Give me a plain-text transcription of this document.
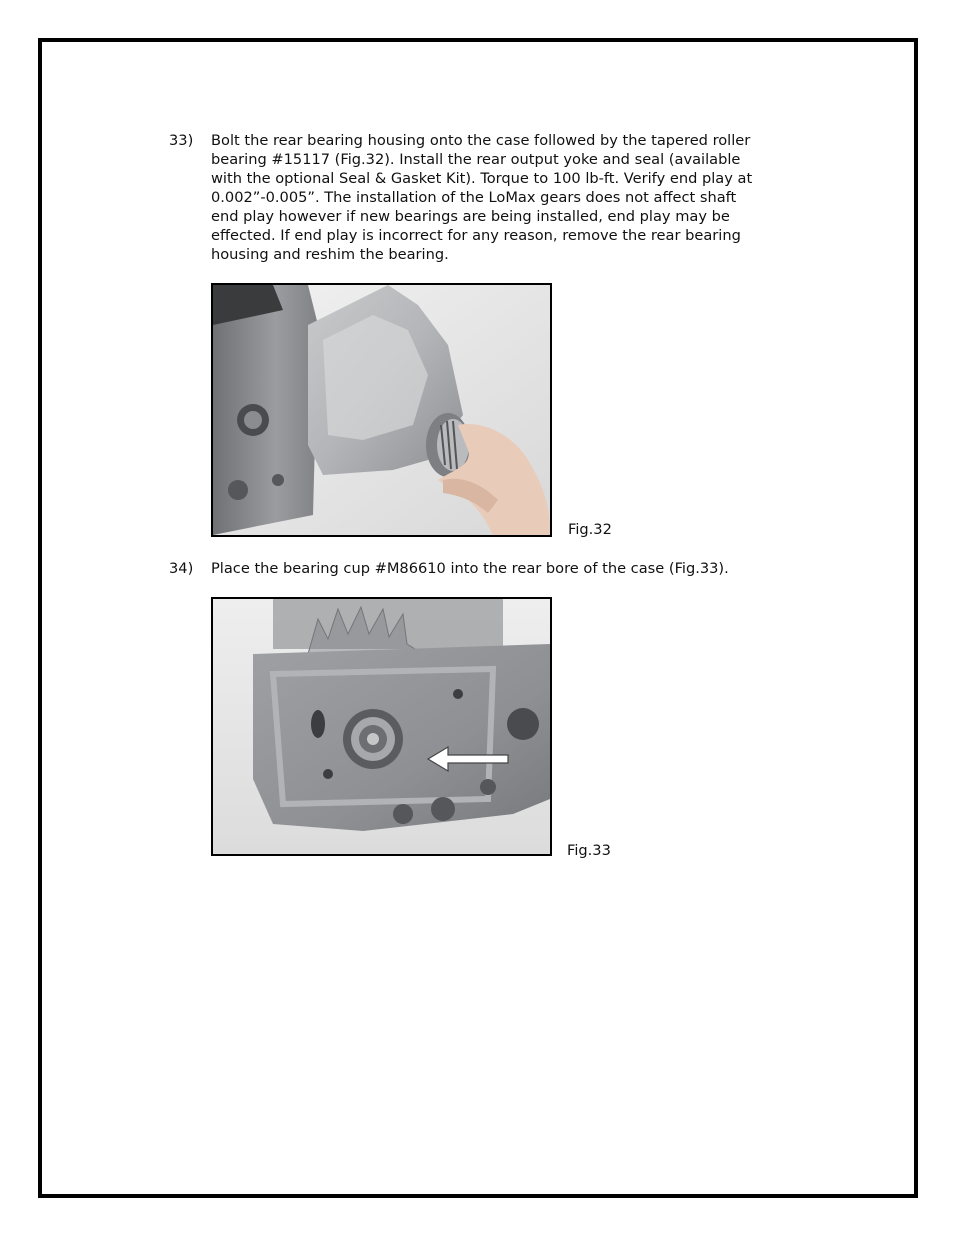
33) Bolt the rear bearing housing onto the case followed by the tapered roller
bearing #15117 (Fig.32). Install the rear output yoke and seal (available
with the optional Seal & Gasket Kit). Torque to 100 lb-ft. Verify end play at
0.002”-0.005”. The installation of the LoMax gears does not affect shaft
end play however if new bearings are being installed, end play may be
effected. If end play is incorrect for any reason, remove the rear bearing
housing and reshim the bearing.
Fig.32
34) Place the bearing cup #M86610 into the rear bore of the case (Fig.33).
Fig.33
